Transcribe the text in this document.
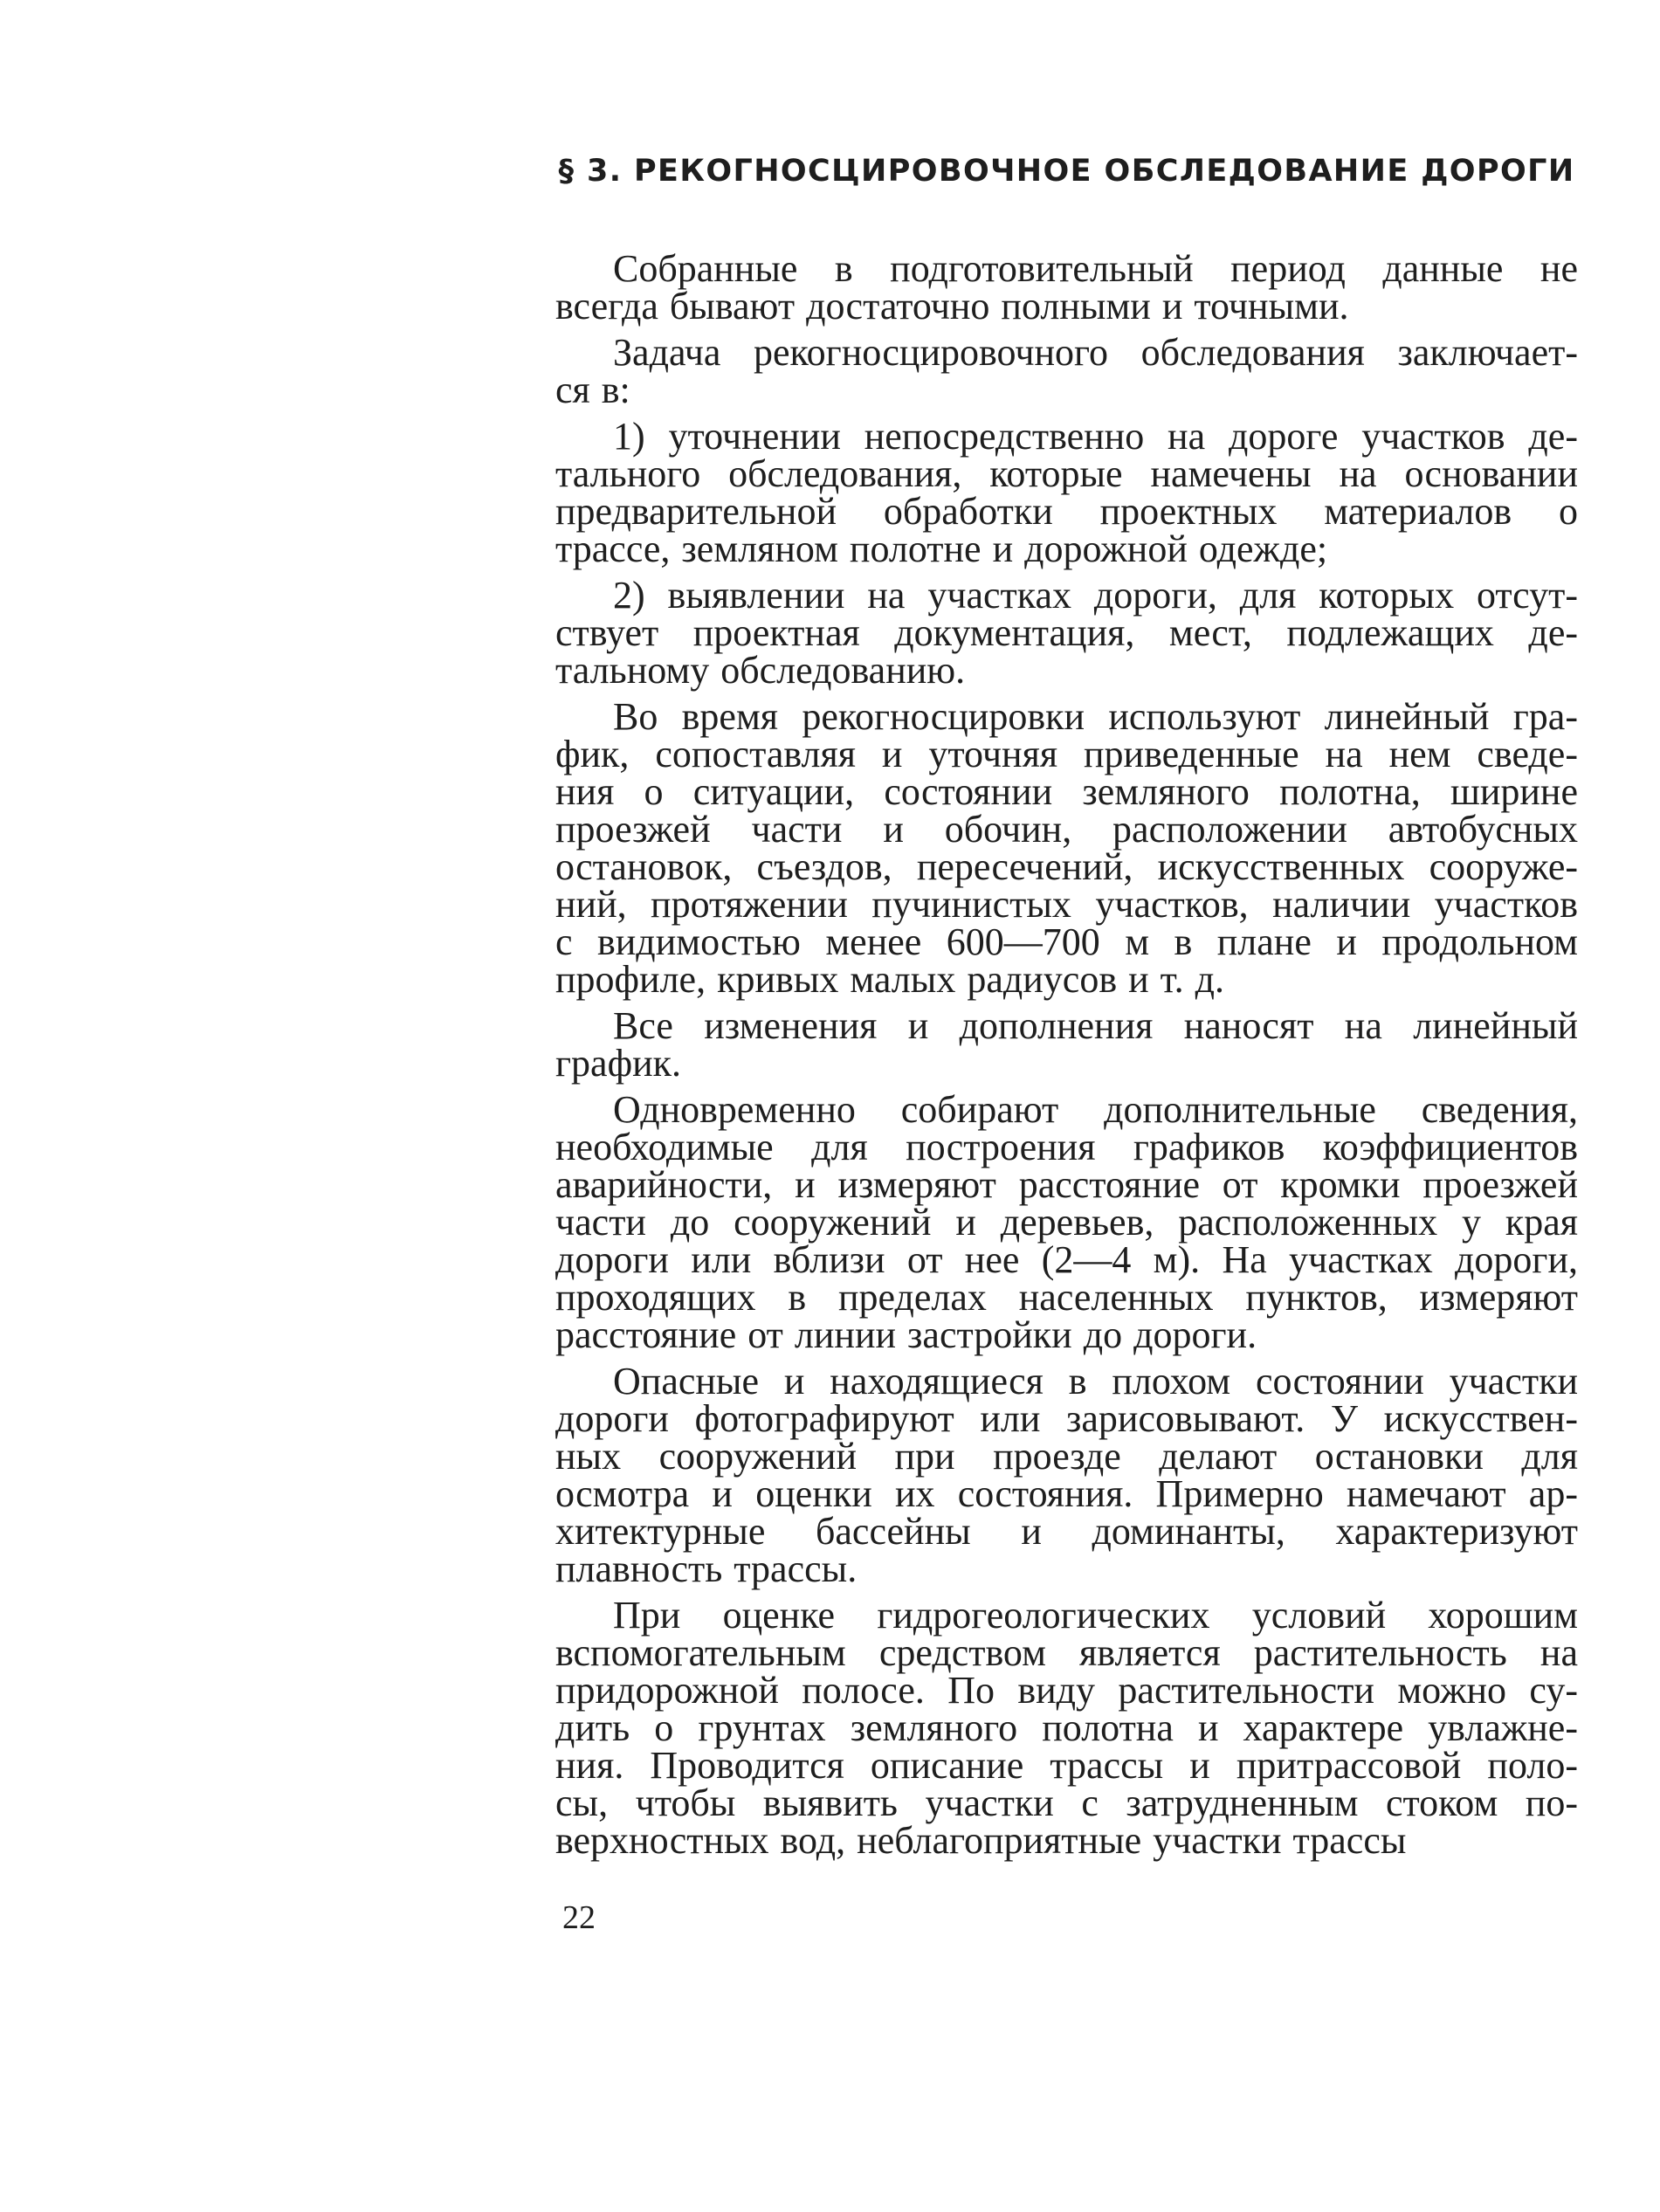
§ 3. РЕКОГНОСЦИРОВОЧНОЕ ОБСЛЕДОВАНИЕ ДОРОГИ
Собранные в подготовительный период данные не
всегда бывают достаточно полными и точными.
Задача рекогносцировочного обследования заключает-
ся в:
1) уточнении непосредственно на дороге участков де-
тального обследования, которые намечены на основании
предварительной обработки проектных материалов о
трассе, земляном полотне и дорожной одежде;
2) выявлении на участках дороги, для которых отсут-
ствует проектная документация, мест, подлежащих де-
тальному обследованию.
Во время рекогносцировки используют линейный гра-
фик, сопоставляя и уточняя приведенные на нем сведе-
ния о ситуации, состоянии земляного полотна, ширине
проезжей части и обочин, расположении автобусных
остановок, съездов, пересечений, искусственных сооруже-
ний, протяжении пучинистых участков, наличии участков
с видимостью менее 600—700 м в плане и продольном
профиле, кривых малых радиусов и т. д.
Все изменения и дополнения наносят на линейный
график.
Одновременно собирают дополнительные сведения,
необходимые для построения графиков коэффициентов
аварийности, и измеряют расстояние от кромки проезжей
части до сооружений и деревьев, расположенных у края
дороги или вблизи от нее (2—4 м). На участках дороги,
проходящих в пределах населенных пунктов, измеряют
расстояние от линии застройки до дороги.
Опасные и находящиеся в плохом состоянии участки
дороги фотографируют или зарисовывают. У искусствен-
ных сооружений при проезде делают остановки для
осмотра и оценки их состояния. Примерно намечают ар-
хитектурные бассейны и доминанты, характеризуют
плавность трассы.
При оценке гидрогеологических условий хорошим
вспомогательным средством является растительность на
придорожной полосе. По виду растительности можно су-
дить о грунтах земляного полотна и характере увлажне-
ния. Проводится описание трассы и притрассовой поло-
сы, чтобы выявить участки с затрудненным стоком по-
верхностных вод, неблагоприятные участки трассы
22
